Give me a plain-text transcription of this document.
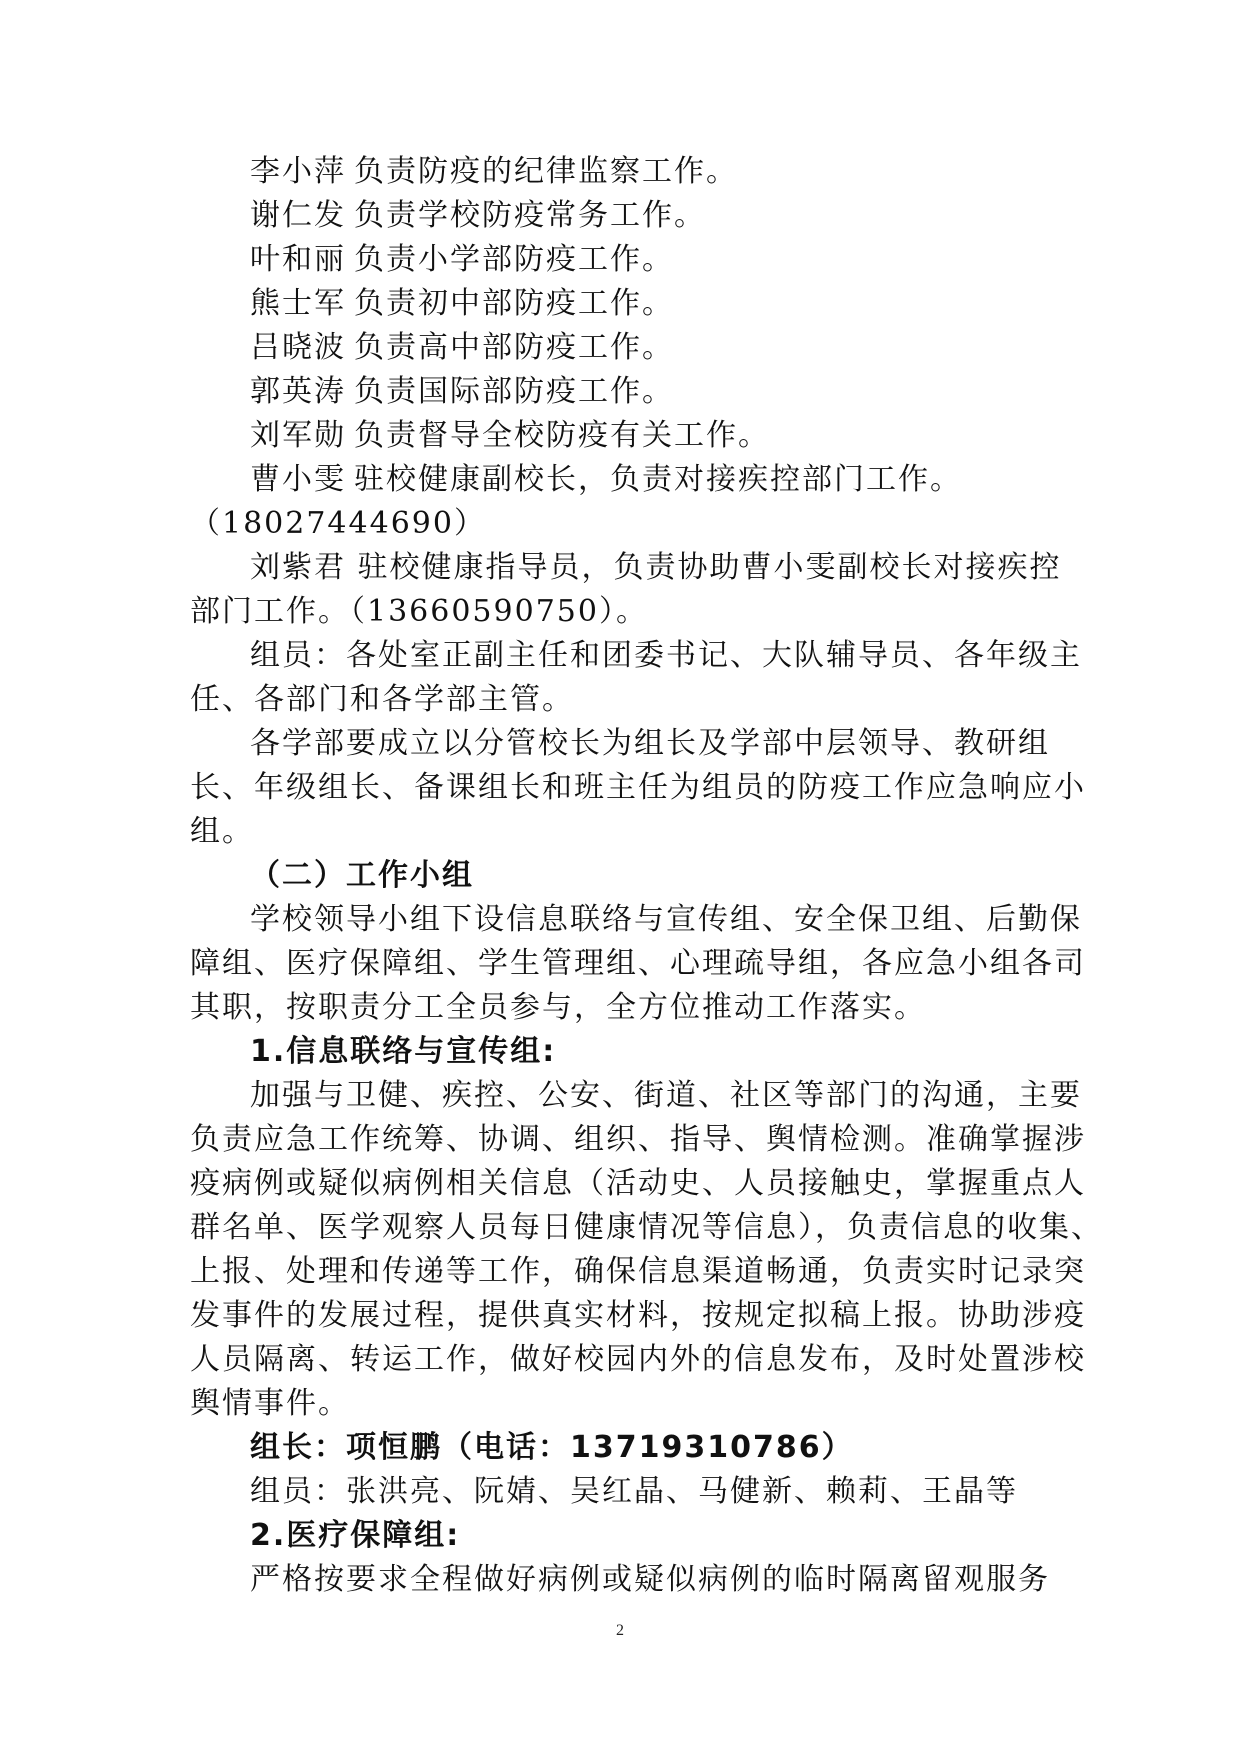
李小萍 负责防疫的纪律监察工作。
谢仁发 负责学校防疫常务工作。
叶和丽 负责小学部防疫工作。
熊士军 负责初中部防疫工作。
吕晓波 负责高中部防疫工作。
郭英涛 负责国际部防疫工作。
刘军勋 负责督导全校防疫有关工作。
曹小雯 驻校健康副校长，负责对接疾控部门工作。
（18027444690）
刘紫君 驻校健康指导员，负责协助曹小雯副校长对接疾控
部门工作。（13660590750）。
组员：各处室正副主任和团委书记、大队辅导员、各年级主
任、各部门和各学部主管。
各学部要成立以分管校长为组长及学部中层领导、教研组
长、年级组长、备课组长和班主任为组员的防疫工作应急响应小
组。
（二）工作小组
学校领导小组下设信息联络与宣传组、安全保卫组、后勤保
障组、医疗保障组、学生管理组、心理疏导组，各应急小组各司
其职，按职责分工全员参与，全方位推动工作落实。
1.信息联络与宣传组:
加强与卫健、疾控、公安、街道、社区等部门的沟通，主要
负责应急工作统筹、协调、组织、指导、舆情检测。准确掌握涉
疫病例或疑似病例相关信息（活动史、人员接触史，掌握重点人
群名单、医学观察人员每日健康情况等信息），负责信息的收集、
上报、处理和传递等工作，确保信息渠道畅通，负责实时记录突
发事件的发展过程，提供真实材料，按规定拟稿上报。协助涉疫
人员隔离、转运工作，做好校园内外的信息发布，及时处置涉校
舆情事件。
组长：项恒鹏（电话：13719310786）
组员：张洪亮、阮婧、吴红晶、马健新、赖莉、王晶等
2.医疗保障组:
严格按要求全程做好病例或疑似病例的临时隔离留观服务
2
